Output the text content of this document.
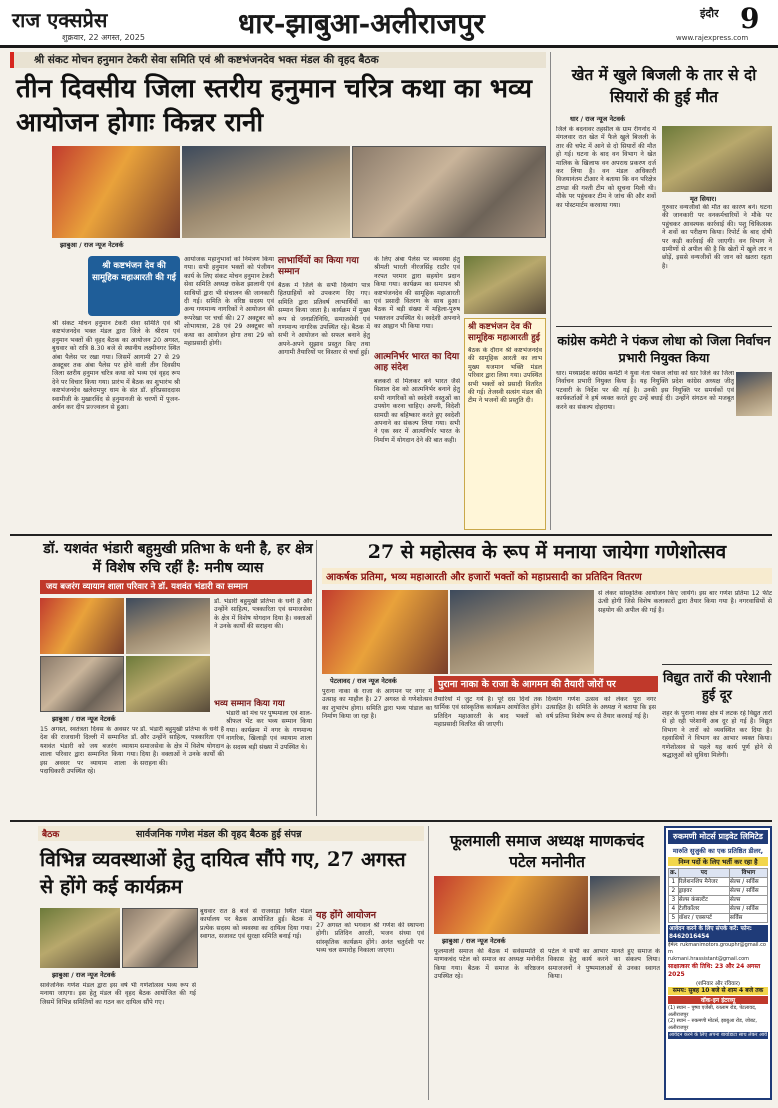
राज एक्सप्रेस
शुक्रवार, 22 अगस्त, 2025	धार-झाबुआ-अलीराजपुर	इंदौर 9
www.rajexpress.com
श्री संकट मोचन हनुमान टेकरी सेवा समिति एवं श्री कष्टभंजनदेव भक्त मंडल की वृहद बैठक
तीन दिवसीय जिला स्तरीय हनुमान चरित्र कथा का भव्य आयोजन होगाः किन्नर रानी
झाबुआ / राज न्यूज नेटवर्क
श्री कष्टभंजन देव की सामूहिक महाआरती की गई
श्री संकट मोचन हनुमान टेकरी सेवा समिति एवं श्री कष्टभंजनदेव भक्त मंडल द्वारा जिले के श्रीराम एवं हनुमान भक्तों की वृहद बैठक का आयोजन 20 अगस्त, बुधवार को रात्रि 8.30 बजे से स्थानीय लक्ष्मीनगर स्थित अंबा पैलेस पर रखा गया। जिसमें आगामी 27 से 29 अक्टूबर तक अंबा पैलेस पर होने वाली तीन दिवसीय जिला स्तरीय हनुमान चरित्र कथा को भव्य एवं वृहद रूप देने पर विचार किया गया। प्रारंभ में बैठक का शुभारंभ श्री कष्टभंजनदेव खलेरामपुर धाम के संत डॉ. हरिप्रसाददास स्वामीजी के मुखारविंद से हनुमानजी के चरणों में पूजन-अर्चन कर दीप प्रज्ज्वलन से हुआ।
आयोजक महानुभावों को निमंत्रण किया गया। सभी हनुमान भक्तों को पंजीयन कार्य के लिए संकट मोचन हनुमान टेकरी सेवा समिति अध्यक्ष राकेश झालानी एवं साथियों द्वारा भी संचालन की जानकारी दी गई। समिति के वरिष्ठ सदस्य एवं अन्य गणमान्य नागरिकों ने आयोजन की रूपरेखा पर चर्चा की। 27 अक्टूबर को शोभायात्रा, 28 एवं 29 अक्टूबर को कथा का आयोजन होगा तथा 29 को महाप्रसादी होगी।
लाभार्थियों का किया गया सम्मान
बैठक में जिले के सभी दिव्यांग पात्र हितग्राहियों को उपकरण दिए गए। समिति द्वारा प्रतिवर्ष लाभार्थियों का सम्मान किया जाता है। कार्यक्रम में मुख्य रूप से जनप्रतिनिधि, समाजसेवी एवं गणमान्य नागरिक उपस्थित रहे। बैठक में सभी ने आयोजन को सफल बनाने हेतु अपने-अपने सुझाव प्रस्तुत किए तथा आगामी तैयारियों पर विस्तार से चर्चा हुई।
के लिए अंबा पैलेस पर व्यवस्था हेतु श्रीमती भारती नीरजसिंह राठौर एवं नरपत परमार द्वारा सहयोग प्रदान किया गया। कार्यक्रम का समापन श्री कष्टभंजनदेव की सामूहिक महाआरती एवं प्रसादी वितरण के साथ हुआ। बैठक में बड़ी संख्या में महिला-पुरुष भक्तजन उपस्थित थे। स्वदेशी अपनाने का आह्वान भी किया गया।
आत्मनिर्भर भारत का दिया आह संदेश
बलकरों से मिलकर बने भारत जैसे विशाल देश को आत्मनिर्भर बनाने हेतु सभी नागरिकों को स्वदेशी वस्तुओं का उपयोग करना चाहिए। अपनी, विदेशी सामग्री का बहिष्कार करते हुए स्वदेशी अपनाने का संकल्प लिया गया। सभी ने एक स्वर में आत्मनिर्भर भारत के निर्माण में योगदान देने की बात कही।
श्री कष्टभंजन देव की सामूहिक महाआरती हुई
बैठक के दौरान श्री कष्टभंजनदेव की सामूहिक आरती का लाभ मुख्य यजमान भक्ति मंडल परिवार द्वारा लिया गया। उपस्थित सभी भक्तों को प्रसादी वितरित की गई। तेजस्वी सत्संग मंडल की टीम ने भजनों की प्रस्तुति दी।
खेत में खुले बिजली के तार से दो सियारों की हुई मौत
धार / राज न्यूज नेटवर्क
जिले के बदनावर तहसील के ग्राम रींगनोद में मंगलवार रात खेत में फैले खुले बिजली के तार की चपेट में आने से दो सियारों की मौत हो गई। घटना के बाद वन विभाग ने खेत मालिक के खिलाफ वन अपराध प्रकरण दर्ज कर लिया है। वन मंडल अधिकारी विजयानंतम टीआर ने बताया कि वन परिक्षेत्र टाण्डा की गश्ती टीम को सूचना मिली थी। मौके पर पहुंचकर टीम ने जांच की और शवों का पोस्टमार्टम करवाया गया।
मृत सियार।
गुरुवार वन्यजीवों की मौत का कारण बने। घटना की जानकारी पर वनकर्मचारियों ने मौके पर पहुंचकर आवश्यक कार्रवाई की। पशु चिकित्सक ने शवों का परीक्षण किया। रिपोर्ट के बाद दोषी पर कड़ी कार्रवाई की जाएगी। वन विभाग ने ग्रामीणों से अपील की है कि खेतों में खुले तार न छोड़ें, इससे वन्यजीवों की जान को खतरा रहता है।
कांग्रेस कमेटी ने पंकज लोधा को जिला निर्वाचन प्रभारी नियुक्त किया
धार। मध्यप्रदेश कांग्रेस कमेटी ने युवा नेता पंकज लोधा को धार जिले का जिला निर्वाचन प्रभारी नियुक्त किया है। यह नियुक्ति प्रदेश कांग्रेस अध्यक्ष जीतू पटवारी के निर्देश पर की गई है। उनकी इस नियुक्ति पर समर्थकों एवं कार्यकर्ताओं ने हर्ष व्यक्त करते हुए उन्हें बधाई दी। उन्होंने संगठन को मजबूत करने का संकल्प दोहराया।
डॉ. यशवंत भंडारी बहुमुखी प्रतिभा के धनी है, हर क्षेत्र में विशेष रुचि रहीं है: मनीष व्यास
जय बजरंग व्यायाम शाला परिवार ने डॉ. यशवंत भंडारी का सम्मान
झाबुआ / राज न्यूज नेटवर्क
15 अगस्त, स्वतंत्रता दिवस के अवसर पर देश की राजधानी दिल्ली में सम्मानित डॉ. यशवंत भंडारी को जय बजरंग व्यायाम शाला परिवार द्वारा सम्मानित किया गया। इस अवसर पर व्यायाम शाला के पदाधिकारी उपस्थित रहे।
डॉ. भंडारी बहुमुखी प्रतिभा के धनी है और उन्होंने साहित्य, पत्रकारिता एवं समाजसेवा के क्षेत्र में विशेष योगदान दिया है। वक्ताओं ने उनके कार्यों की सराहना की।
डॉ. भंडारी बहुमुखी प्रतिभा के धनी है और उन्होंने साहित्य, पत्रकारिता एवं समाजसेवा के क्षेत्र में विशेष योगदान दिया है। वक्ताओं ने उनके कार्यों की सराहना की।
भव्य सम्मान किया गया
भंडारी को मंच पर पुष्पमाला एवं शाल-श्रीफल भेंट कर भव्य सम्मान किया गया। कार्यक्रम में नगर के गणमान्य नागरिक, खिलाड़ी एवं व्यायाम शाला के सदस्य बड़ी संख्या में उपस्थित थे।
27 से महोत्सव के रूप में मनाया जायेगा गणेशोत्सव
आकर्षक प्रतिमा, भव्य महाआरती और हजारों भक्तों को महाप्रसादी का प्रतिदिन वितरण
पेटलावद / राज न्यूज नेटवर्क
पुराना नाका के राजा के आगमन पर नगर में उत्साह का माहौल है। 27 अगस्त से गणेशोत्सव का शुभारंभ होगा। समिति द्वारा भव्य पांडाल का निर्माण किया जा रहा है।
पुराना नाका के राजा के आगमन की तैयारी जोरों पर
तैयारियों में जुट गये है। पूरे दस दिनों तक धार्मिक एवं सांस्कृतिक कार्यक्रम आयोजित होंगे। प्रतिदिन महाआरती के बाद भक्तों को महाप्रसादी वितरित की जाएगी।
दिव्यांग गणेश उत्सव को लेकर पूरा नगर उत्साहित है। समिति के अध्यक्ष ने बताया कि इस वर्ष प्रतिमा विशेष रूप से तैयार करवाई गई है।
से लेकर सांस्कृतिक आयोजन किए जायेंगे। इस बार गणेश प्रतिमा 12 फीट ऊंची होगी जिसे विशेष कलाकारों द्वारा तैयार किया गया है। नगरवासियों से सहयोग की अपील की गई है।
विद्युत तारों की परेशानी हुई दूर
शहर के पुराना नाका क्षेत्र में लटक रहे विद्युत तारों से हो रही परेशानी अब दूर हो गई है। विद्युत विभाग ने तारों को व्यवस्थित कर दिया है। रहवासियों ने विभाग का आभार व्यक्त किया। गणेशोत्सव से पहले यह कार्य पूर्ण होने से श्रद्धालुओं को सुविधा मिलेगी।
बैठक	सार्वजनिक गणेश मंडल की वृहद बैठक हुई संपन्न
विभिन्न व्यवस्थाओं हेतु दायित्व सौंपे गए, 27 अगस्त से होंगे कई कार्यक्रम
झाबुआ / राज न्यूज नेटवर्क
सार्वजनिक गणेश मंडल द्वारा इस वर्ष भी गणेशोत्सव भव्य रूप से मनाया जाएगा। इस हेतु मंडल की वृहद बैठक आयोजित की गई जिसमें विभिन्न समितियों का गठन कर दायित्व सौंपे गए।
बुधवार रात 8 बजे से राजवाड़ा स्थित मंडल कार्यालय पर बैठक आयोजित हुई। बैठक में प्रत्येक सदस्य को व्यवस्था का दायित्व दिया गया। स्वागत, सजावट एवं सुरक्षा समिति बनाई गई।
यह होंगे आयोजन
27 अगस्त को भगवान श्री गणेश की स्थापना होगी। प्रतिदिन आरती, भजन संध्या एवं सांस्कृतिक कार्यक्रम होंगे। अनंत चतुर्दशी पर भव्य चल समारोह निकाला जाएगा।
फूलमाली समाज अध्यक्ष माणकचंद पटेल मनोनीत
झाबुआ / राज न्यूज नेटवर्क
फूलमाली समाज की बैठक में सर्वसम्मति से माणकचंद पटेल को समाज का अध्यक्ष मनोनीत किया गया। बैठक में समाज के वरिष्ठजन उपस्थित रहे।
पटेल ने सभी का आभार मानते हुए समाज के विकास हेतु कार्य करने का संकल्प लिया। समाजजनों ने पुष्पमालाओं से उनका स्वागत किया।
रुकमणी मोटर्स प्राइवेट लिमिटेड
मारुति सुजुकी का एक प्रतिष्ठित डीलर,
निम्न पदों के लिए भर्ती कर रहा है
क्र.	पद	विभाग
1	रिलेशनशिप मैनेजर	सेल्स / सर्विस
2	ड्राइवर	सेल्स / सर्विस
3	सेल्स कंसल्टेंट	सेल्स
4	टेलीकॉलर	सेल्स / सर्विस
5	वॉशर / एक्सपर्ट	सर्विस
आवेदन करने के लिए संपर्क करें: फोन: 8462016454
ईमेल: rukmanimotors.grouphr@gmail.com
rukmani.hrassistant@gmail.com
साक्षात्कार की तिथि: 23 और 24 अगस्त 2025
(शनिवार और रविवार)
समय: सुबह 10 बजे से शाम 4 बजे तक
वॉक-इन इंटरव्यू
(1) स्थान – पुष्पा एजेंसी, रतलाम रोड, पेटलावद, अलीराजपुर
(2) स्थान – रुकमणी मोटर्स, झाबुआ रोड, जोबट, अलीराजपुर
आवेदन करने के लिए अपना बायोडाटा साथ लेकर आवें
